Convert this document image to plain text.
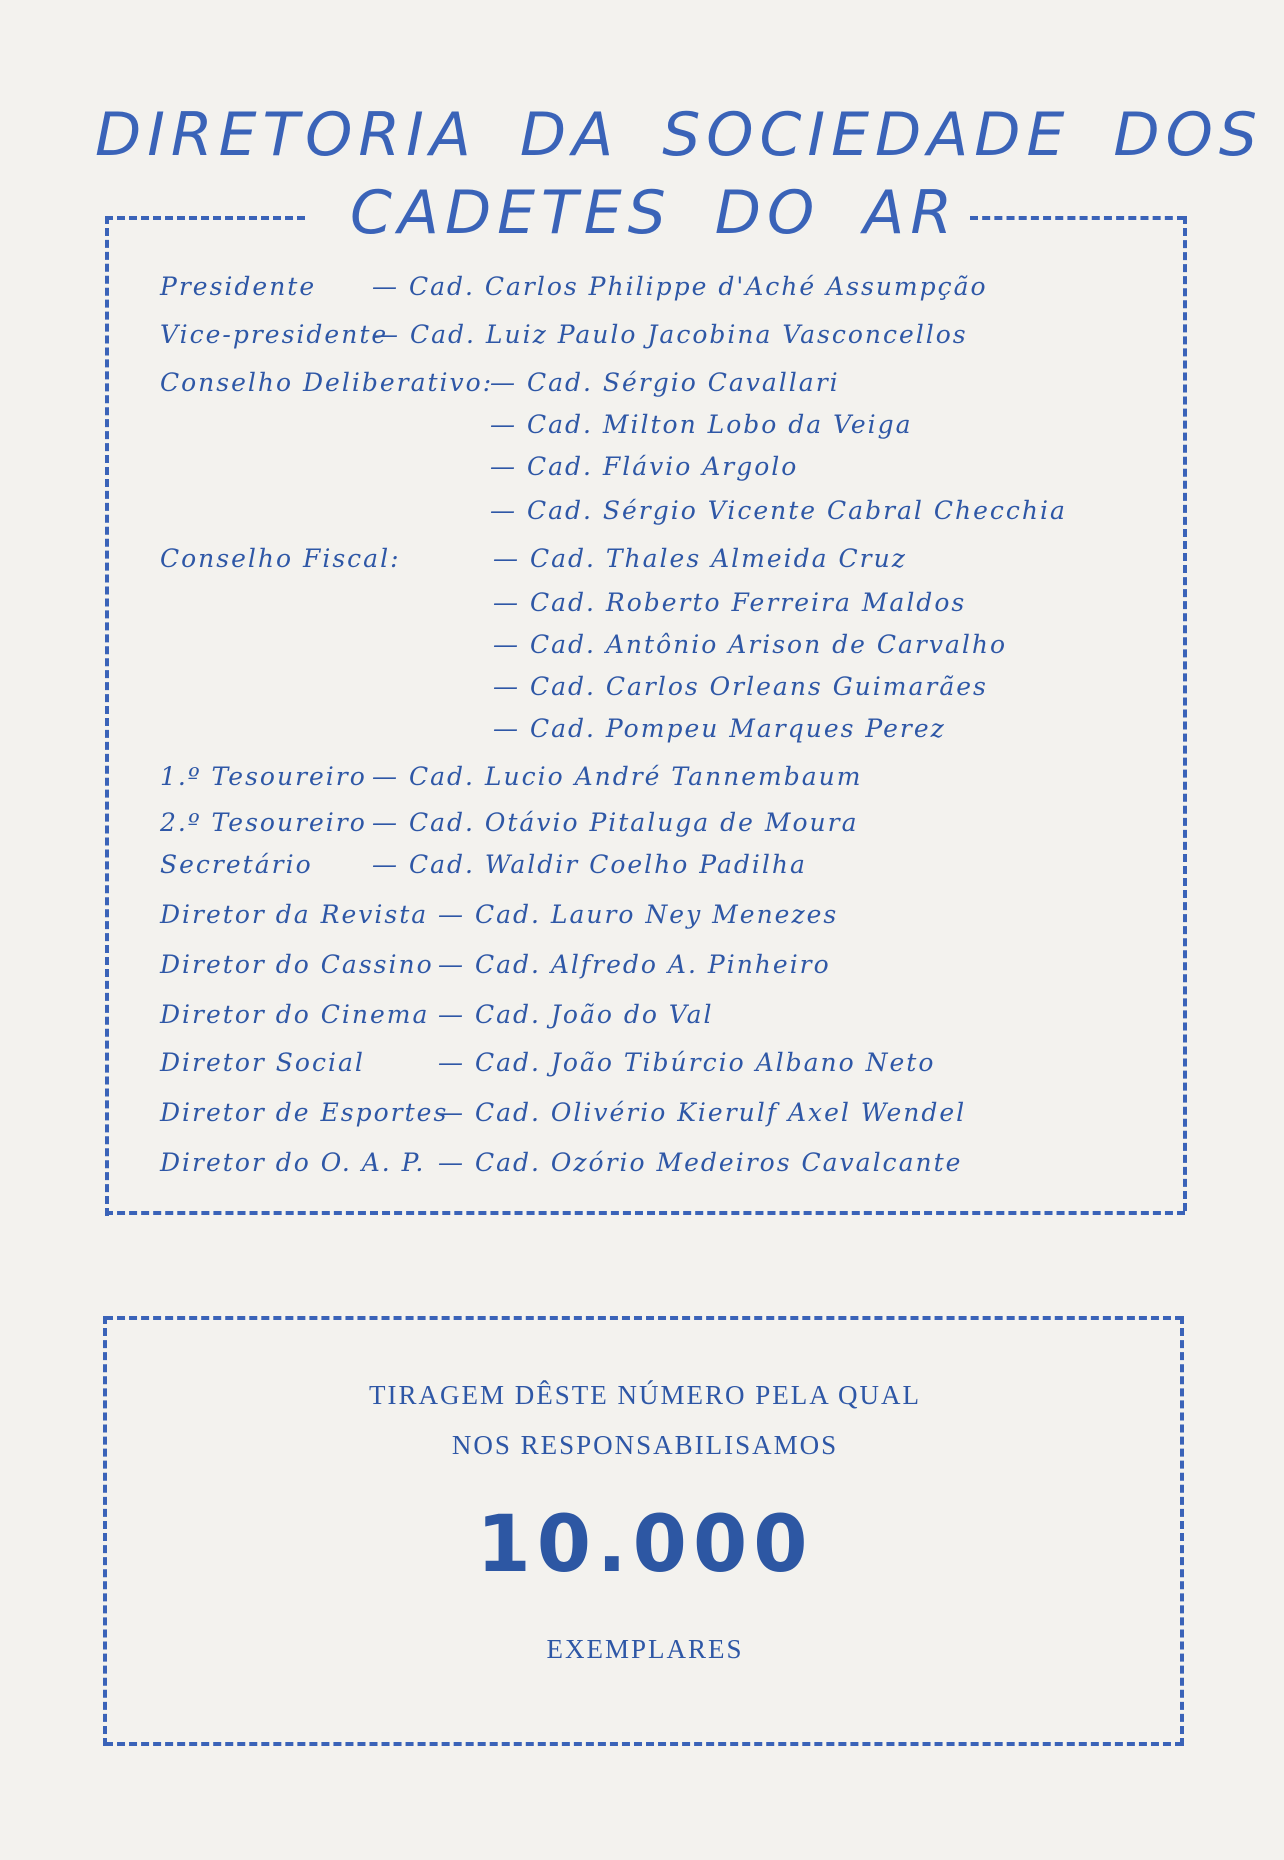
DIRETORIA DA SOCIEDADE DOS
CADETES DO AR
Presidente — Cad. Carlos Philippe d'Aché Assumpção
Vice-presidente
— Cad. Luiz Paulo Jacobina Vasconcellos
Conselho Deliberativo:
— Cad. Sérgio Cavallari
— Cad. Milton Lobo da Veiga
— Cad. Flávio Argolo
— Cad. Sérgio Vicente Cabral Checchia
Conselho Fiscal:	— Cad. Thales Almeida Cruz
— Cad. Roberto Ferreira Maldos
— Cad. Antônio Arison de Carvalho
— Cad. Carlos Orleans Guimarães
— Cad. Pompeu Marques Perez
1.º Tesoureiro — Cad. Lucio André Tannembaum
2.º Tesoureiro — Cad. Otávio Pitaluga de Moura
Secretário — Cad. Waldir Coelho Padilha
Diretor da Revista — Cad. Lauro Ney Menezes
Diretor do Cassino — Cad. Alfredo A. Pinheiro
Diretor do Cinema — Cad. João do Val
Diretor Social	— Cad. João Tibúrcio Albano Neto
Diretor de Esportes
— Cad. Olivério Kierulf Axel Wendel
Diretor do O. A. P. — Cad. Ozório Medeiros Cavalcante
TIRAGEM DÊSTE NÚMERO PELA QUAL
NOS RESPONSABILISAMOS
10.000
EXEMPLARES
